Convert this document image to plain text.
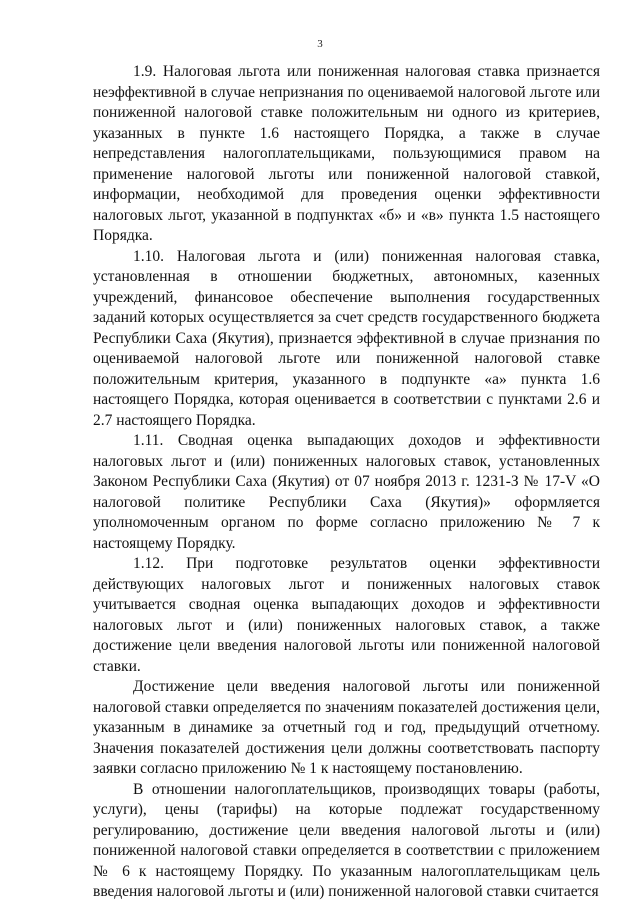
3

1.9. Налоговая льгота или пониженная налоговая ставка признается неэффективной в случае непризнания по оцениваемой налоговой льготе или пониженной налоговой ставке положительным ни одного из критериев, указанных в пункте 1.6 настоящего Порядка, а также в случае непредставления налогоплательщиками, пользующимися правом на применение налоговой льготы или пониженной налоговой ставкой, информации, необходимой для проведения оценки эффективности налоговых льгот, указанной в подпунктах «б» и «в» пункта 1.5 настоящего Порядка.

1.10. Налоговая льгота и (или) пониженная налоговая ставка, установленная в отношении бюджетных, автономных, казенных учреждений, финансовое обеспечение выполнения государственных заданий которых осуществляется за счет средств государственного бюджета Республики Саха (Якутия), признается эффективной в случае признания по оцениваемой налоговой льготе или пониженной налоговой ставке положительным критерия, указанного в подпункте «а» пункта 1.6 настоящего Порядка, которая оценивается в соответствии с пунктами 2.6 и 2.7 настоящего Порядка.

1.11. Сводная оценка выпадающих доходов и эффективности налоговых льгот и (или) пониженных налоговых ставок, установленных Законом Республики Саха (Якутия) от 07 ноября 2013 г. 1231-З № 17-V «О налоговой политике Республики Саха (Якутия)» оформляется уполномоченным органом по форме согласно приложению № 7 к настоящему Порядку.

1.12. При подготовке результатов оценки эффективности действующих налоговых льгот и пониженных налоговых ставок учитывается сводная оценка выпадающих доходов и эффективности налоговых льгот и (или) пониженных налоговых ставок, а также достижение цели введения налоговой льготы или пониженной налоговой ставки.

Достижение цели введения налоговой льготы или пониженной налоговой ставки определяется по значениям показателей достижения цели, указанным в динамике за отчетный год и год, предыдущий отчетному. Значения показателей достижения цели должны соответствовать паспорту заявки согласно приложению № 1 к настоящему постановлению.

В отношении налогоплательщиков, производящих товары (работы, услуги), цены (тарифы) на которые подлежат государственному регулированию, достижение цели введения налоговой льготы и (или) пониженной налоговой ставки определяется в соответствии с приложением № 6 к настоящему Порядку. По указанным налогоплательщикам цель введения налоговой льготы и (или) пониженной налоговой ставки считается
